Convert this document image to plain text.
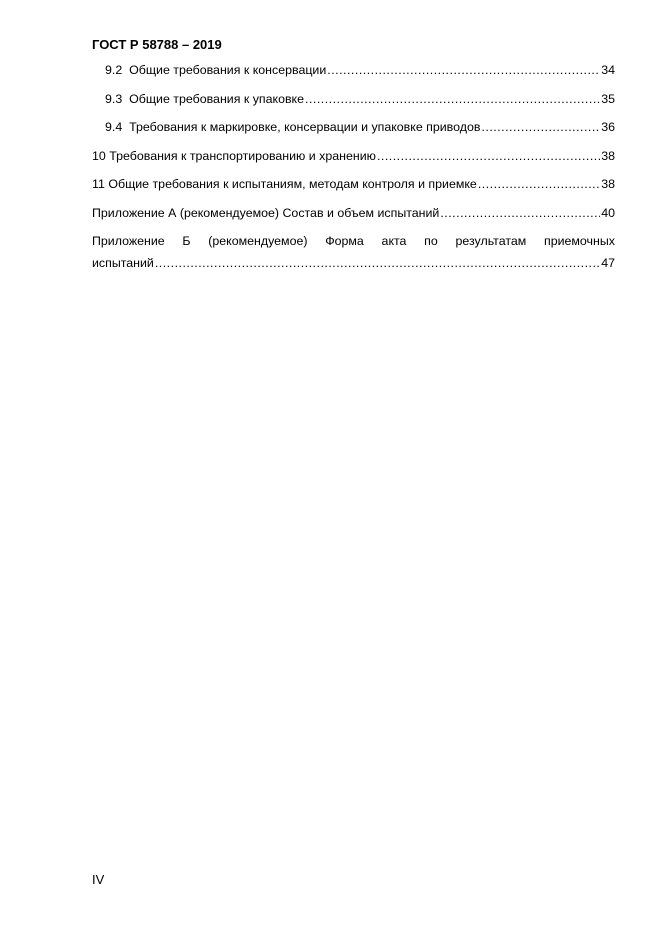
ГОСТ Р 58788 – 2019
9.2 Общие требования к консервации .....	34
9.3 Общие требования к упаковке .....	35
9.4 Требования к маркировке, консервации и упаковке приводов .....	36
10 Требования к транспортированию и хранению .....	38
11 Общие требования к испытаниям, методам контроля и приемке .....	38
Приложение А (рекомендуемое) Состав и объем испытаний .....	40
Приложение Б (рекомендуемое) Форма акта по результатам приемочных
испытаний .....	47
IV
